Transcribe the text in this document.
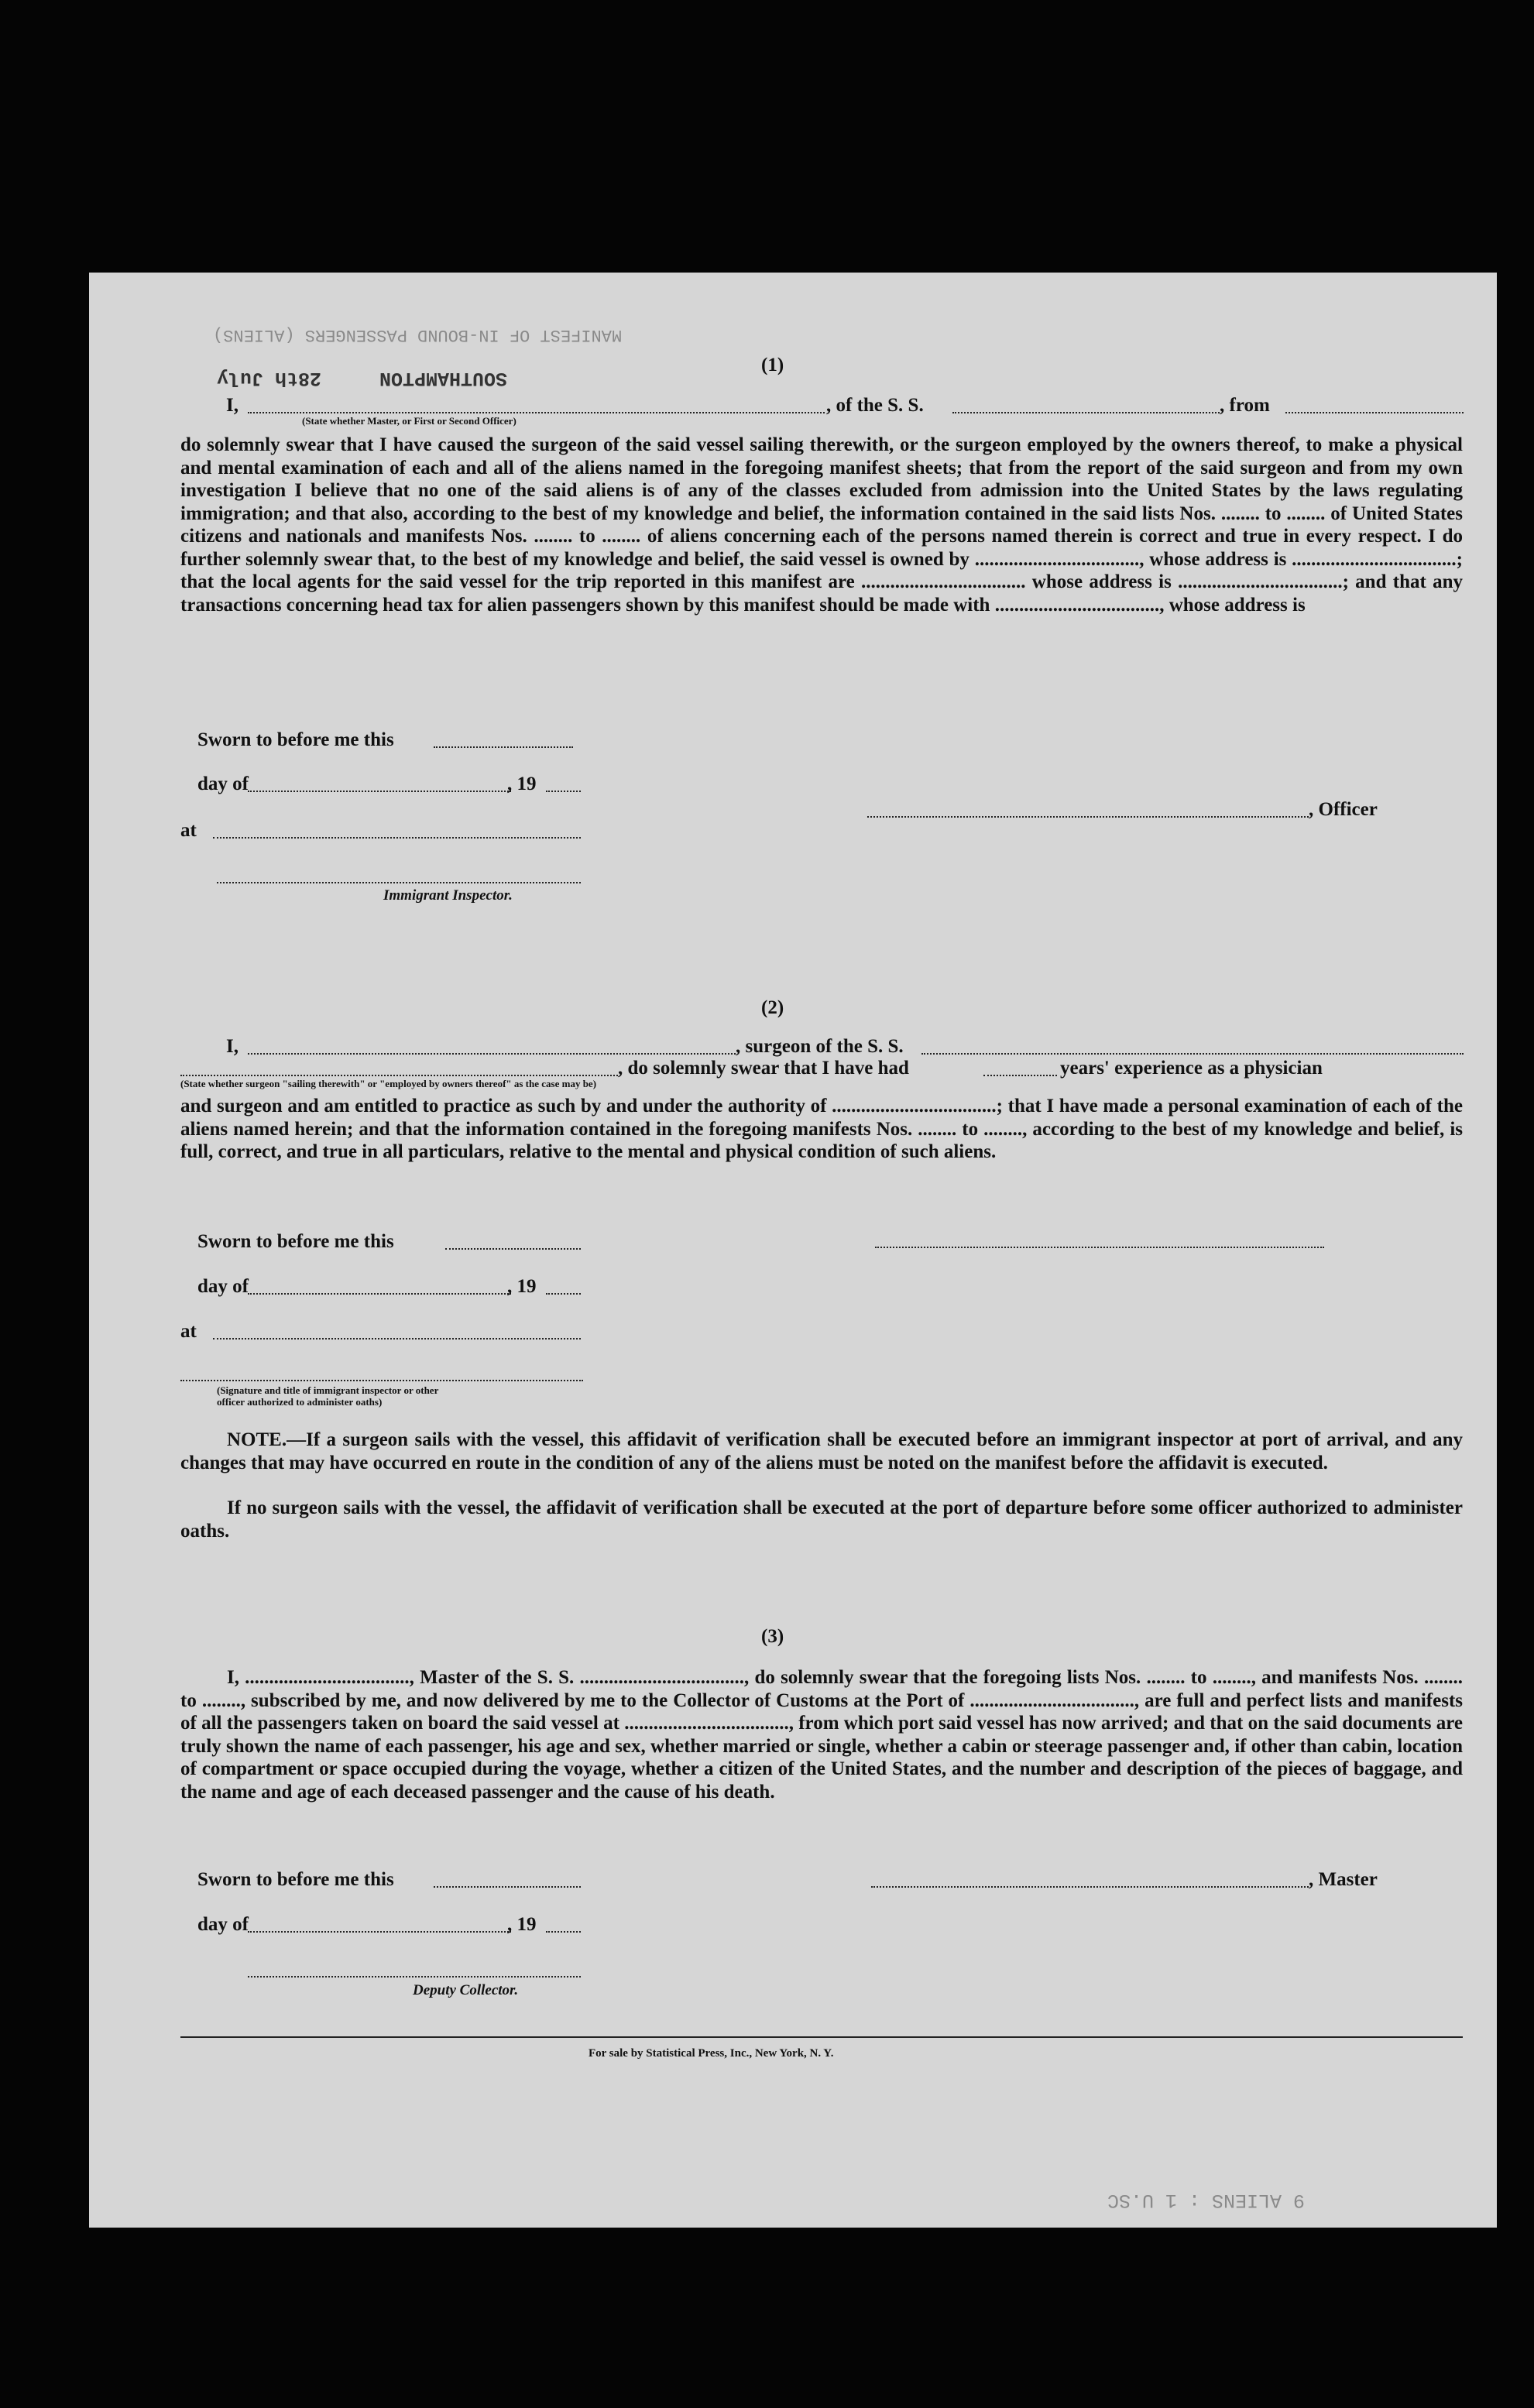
MANIFEST OF IN-BOUND PASSENGERS (ALIENS)
28th July	SOUTHAMPTON
9 ALIENS : 1 U.SC
(1)
I,	, of the S. S.	, from
(State whether Master, or First or Second Officer)
do solemnly swear that I have caused the surgeon of the said vessel sailing therewith, or the surgeon employed by the owners thereof, to make a physical and mental examination of each and all of the aliens named in the foregoing manifest sheets; that from the report of the said surgeon and from my own investigation I believe that no one of the said aliens is of any of the classes excluded from admission into the United States by the laws regulating immigration; and that also, according to the best of my knowledge and belief, the information contained in the said lists Nos. ........ to ........ of United States citizens and nationals and manifests Nos. ........ to ........ of aliens concerning each of the persons named therein is correct and true in every respect. I do further solemnly swear that, to the best of my knowledge and belief, the said vessel is owned by .................................., whose address is ..................................; that the local agents for the said vessel for the trip reported in this manifest are .................................. whose address is ..................................; and that any transactions concerning head tax for alien passengers shown by this manifest should be made with .................................., whose address is
Sworn to before me this
day of	, 19
at
Immigrant Inspector.
, Officer
(2)
I,	, surgeon of the S. S.
, do solemnly swear that I have had	years' experience as a physician
(State whether surgeon "sailing therewith" or "employed by owners thereof" as the case may be)
and surgeon and am entitled to practice as such by and under the authority of ..................................; that I have made a personal examination of each of the aliens named herein; and that the information contained in the foregoing manifests Nos. ........ to ........, according to the best of my knowledge and belief, is full, correct, and true in all particulars, relative to the mental and physical condition of such aliens.
Sworn to before me this
day of	, 19
at
(Signature and title of immigrant inspector or other officer authorized to administer oaths)
NOTE.—If a surgeon sails with the vessel, this affidavit of verification shall be executed before an immigrant inspector at port of arrival, and any changes that may have occurred en route in the condition of any of the aliens must be noted on the manifest before the affidavit is executed.
If no surgeon sails with the vessel, the affidavit of verification shall be executed at the port of departure before some officer authorized to administer oaths.
(3)
I, .................................., Master of the S. S. .................................., do solemnly swear that the foregoing lists Nos. ........ to ........, and manifests Nos. ........ to ........, subscribed by me, and now delivered by me to the Collector of Customs at the Port of .................................., are full and perfect lists and manifests of all the passengers taken on board the said vessel at .................................., from which port said vessel has now arrived; and that on the said documents are truly shown the name of each passenger, his age and sex, whether married or single, whether a cabin or steerage passenger and, if other than cabin, location of compartment or space occupied during the voyage, whether a citizen of the United States, and the number and description of the pieces of baggage, and the name and age of each deceased passenger and the cause of his death.
Sworn to before me this	, Master
day of	, 19
Deputy Collector.
For sale by Statistical Press, Inc., New York, N. Y.
